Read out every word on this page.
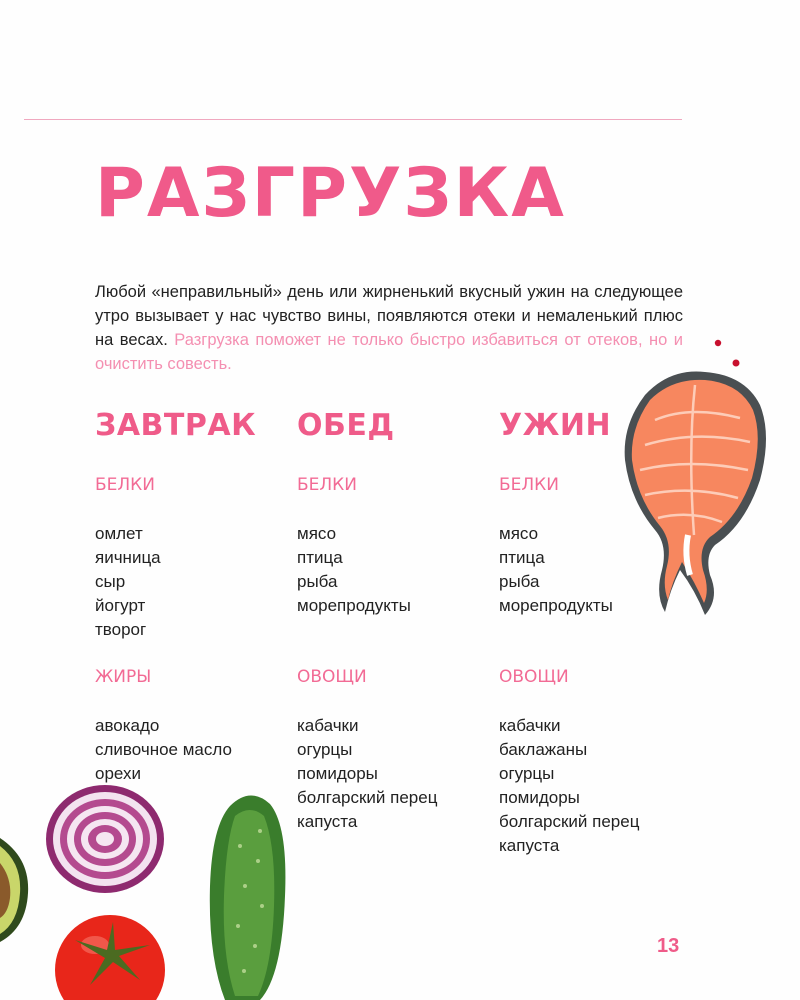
РАЗГРУЗКА

Любой «неправильный» день или жирненький вкусный ужин на следующее утро вызывает у нас чувство вины, появляются отеки и немаленький плюс на весах. Разгрузка поможет не только быстро избавиться от отеков, но и очистить совесть.

ЗАВТРАК
БЕЛКИ
омлет
яичница
сыр
йогурт
творог
ЖИРЫ
авокадо
сливочное масло
орехи
ОБЕД
БЕЛКИ
мясо
птица
рыба
морепродукты
ОВОЩИ
кабачки
огурцы
помидоры
болгарский перец
капуста
УЖИН
БЕЛКИ
мясо
птица
рыба
морепродукты
ОВОЩИ
кабачки
баклажаны
огурцы
помидоры
болгарский перец
капуста
13
